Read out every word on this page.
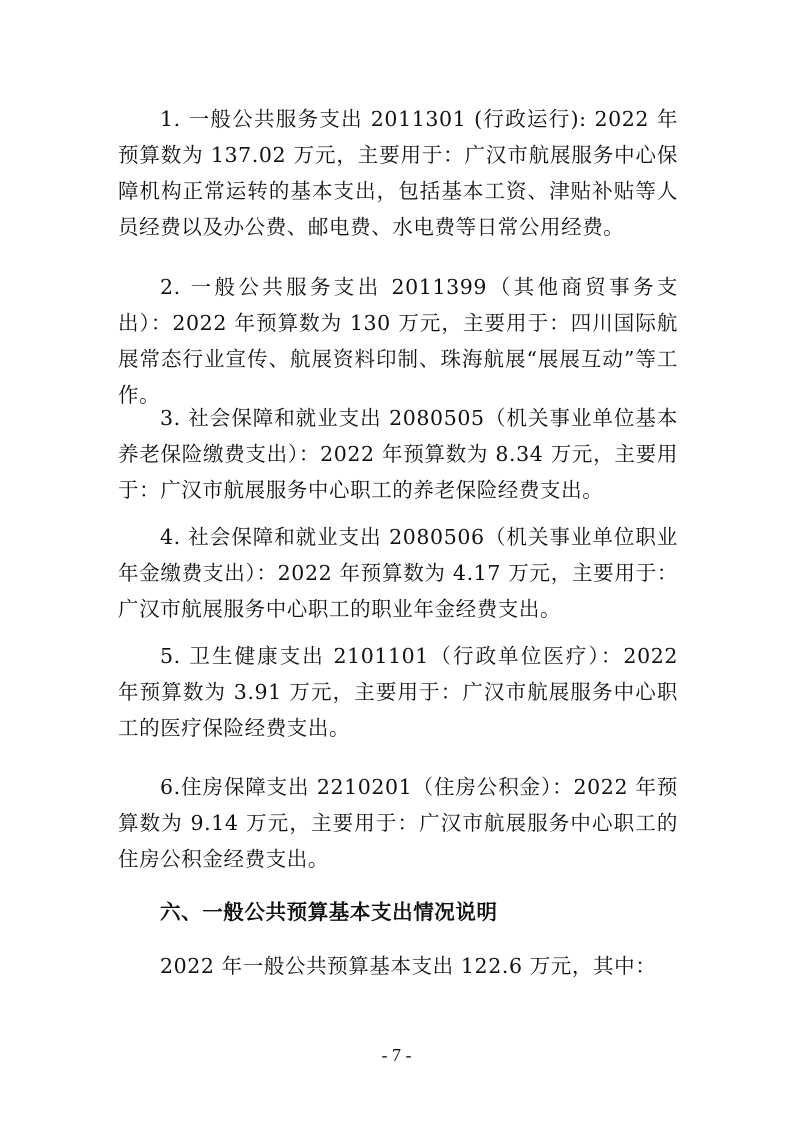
1. 一般公共服务支出 2011301 (行政运行): 2022 年预算数为 137.02 万元，主要用于：广汉市航展服务中心保障机构正常运转的基本支出，包括基本工资、津贴补贴等人员经费以及办公费、邮电费、水电费等日常公用经费。

2. 一般公共服务支出 2011399（其他商贸事务支出）：2022 年预算数为 130 万元，主要用于：四川国际航展常态行业宣传、航展资料印制、珠海航展“展展互动”等工作。

3. 社会保障和就业支出 2080505（机关事业单位基本养老保险缴费支出）：2022 年预算数为 8.34 万元，主要用于：广汉市航展服务中心职工的养老保险经费支出。

4. 社会保障和就业支出 2080506（机关事业单位职业年金缴费支出）：2022 年预算数为 4.17 万元，主要用于：广汉市航展服务中心职工的职业年金经费支出。

5. 卫生健康支出 2101101（行政单位医疗）：2022 年预算数为 3.91 万元，主要用于：广汉市航展服务中心职工的医疗保险经费支出。

6.住房保障支出 2210201（住房公积金）：2022 年预算数为 9.14 万元，主要用于：广汉市航展服务中心职工的住房公积金经费支出。

六、一般公共预算基本支出情况说明

2022 年一般公共预算基本支出 122.6 万元，其中：

- 7 -
